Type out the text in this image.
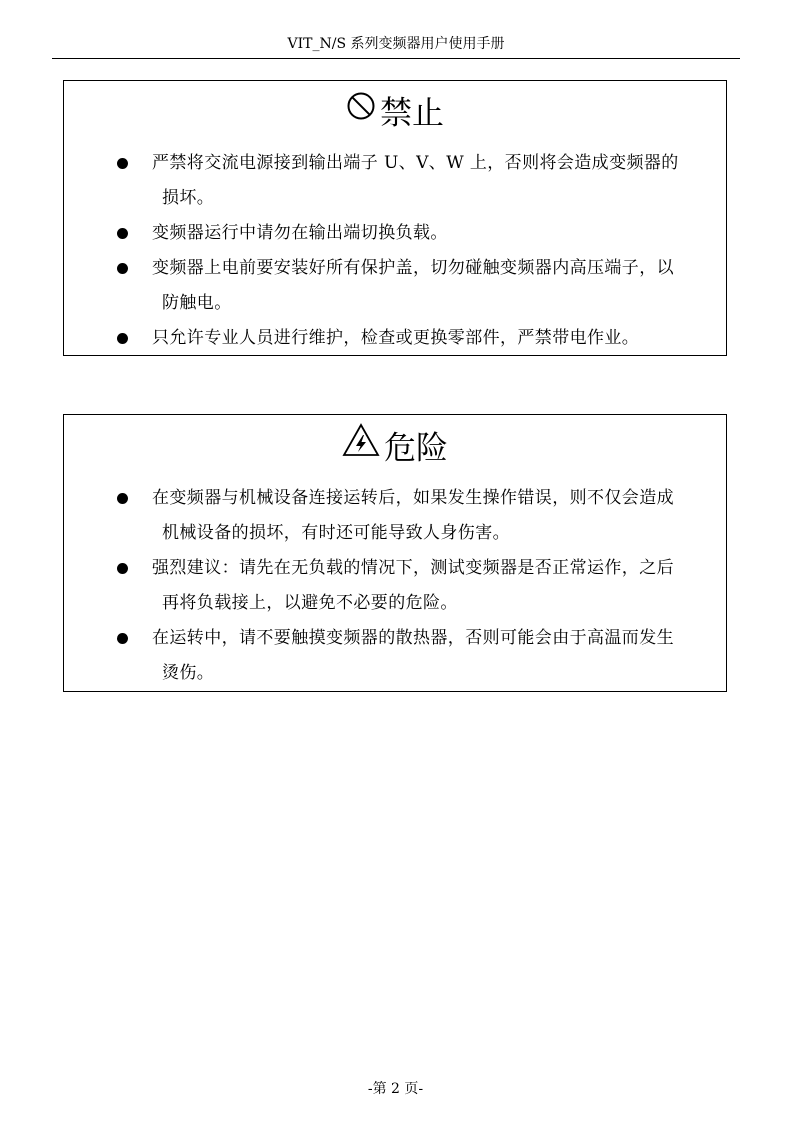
VIT_N/S 系列变频器用户使用手册
禁止
严禁将交流电源接到输出端子 U、V、W 上，否则将会造成变频器的
损坏。
变频器运行中请勿在输出端切换负载。
变频器上电前要安装好所有保护盖，切勿碰触变频器内高压端子，以
防触电。
只允许专业人员进行维护，检查或更换零部件，严禁带电作业。
危险
在变频器与机械设备连接运转后，如果发生操作错误，则不仅会造成
机械设备的损坏，有时还可能导致人身伤害。
强烈建议：请先在无负载的情况下，测试变频器是否正常运作，之后
再将负载接上，以避免不必要的危险。
在运转中，请不要触摸变频器的散热器，否则可能会由于高温而发生
烫伤。
-第 2 页-
